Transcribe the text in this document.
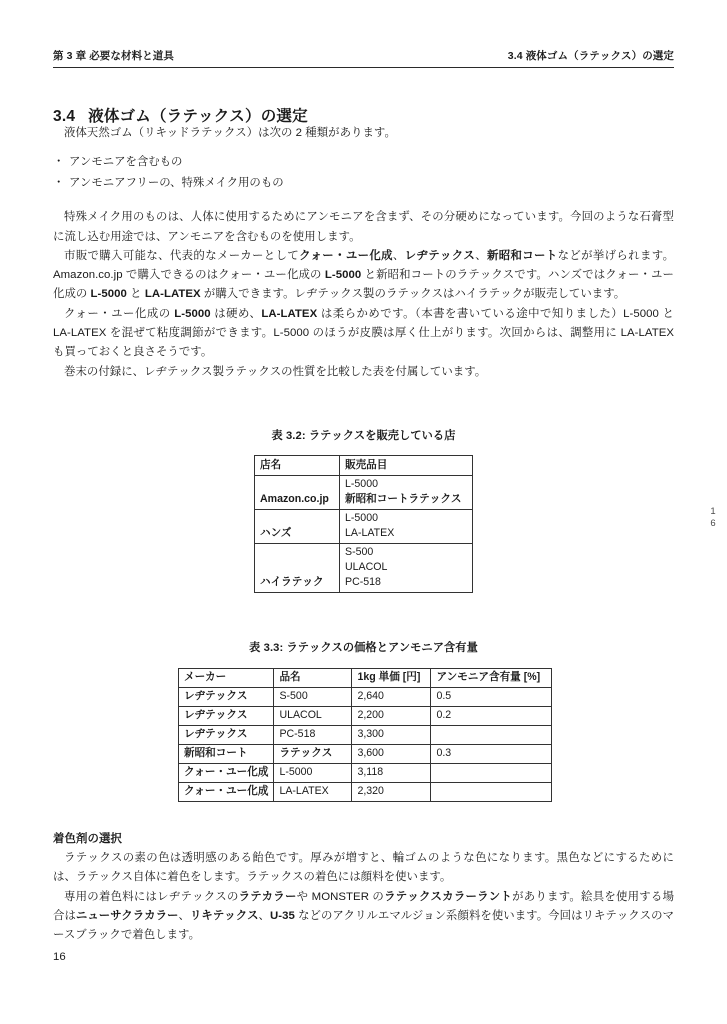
第 3 章 必要な材料と道具	3.4 液体ゴム（ラテックス）の選定
3.4 液体ゴム（ラテックス）の選定

液体天然ゴム（リキッドラテックス）は次の 2 種類があります。

・ アンモニアを含むもの
・ アンモニアフリーの、特殊メイク用のもの

特殊メイク用のものは、人体に使用するためにアンモニアを含まず、その分硬めになっています。今回のような石膏型に流し込む用途では、アンモニアを含むものを使用します。

市販で購入可能な、代表的なメーカーとしてクォー・ユー化成、レヂテックス、新昭和コートなどが挙げられます。Amazon.co.jp で購入できるのはクォー・ユー化成の L-5000 と新昭和コートのラテックスです。ハンズではクォー・ユー化成の L-5000 と LA-LATEX が購入できます。レヂテックス製のラテックスはハイラテックが販売しています。

クォー・ユー化成の L-5000 は硬め、LA-LATEX は柔らかめです。（本書を書いている途中で知りました）L-5000 と LA-LATEX を混ぜて粘度調節ができます。L-5000 のほうが皮膜は厚く仕上がります。次回からは、調整用に LA-LATEX も買っておくと良さそうです。

巻末の付録に、レヂテックス製ラテックスの性質を比較した表を付属しています。

表 3.2: ラテックスを販売している店
店名	販売品目
Amazon.co.jp	L-5000
新昭和コートラテックス

ハンズ	L-5000
LA-LATEX

ハイラテック	S-500
ULACOL
PC-518
表 3.3: ラテックスの価格とアンモニア含有量
メーカー	品名	1kg 単価 [円]	アンモニア含有量 [%]
レヂテックス	S-500	2,640	0.5
レヂテックス	ULACOL	2,200	0.2
レヂテックス	PC-518	3,300	
新昭和コート	ラテックス	3,600	0.3
クォー・ユー化成	L-5000	3,118	
クォー・ユー化成	LA-LATEX	2,320	
着色剤の選択

ラテックスの素の色は透明感のある飴色です。厚みが増すと、輪ゴムのような色になります。黒色などにするためには、ラテックス自体に着色をします。ラテックスの着色には顔料を使います。

専用の着色料にはレヂテックスのラテカラーや MONSTER のラテックスカラーラントがあります。絵具を使用する場合はニューサクラカラー、リキテックス、U-35 などのアクリルエマルジョン系顔料を使います。今回はリキテックスのマースブラックで着色します。

16
1
6
